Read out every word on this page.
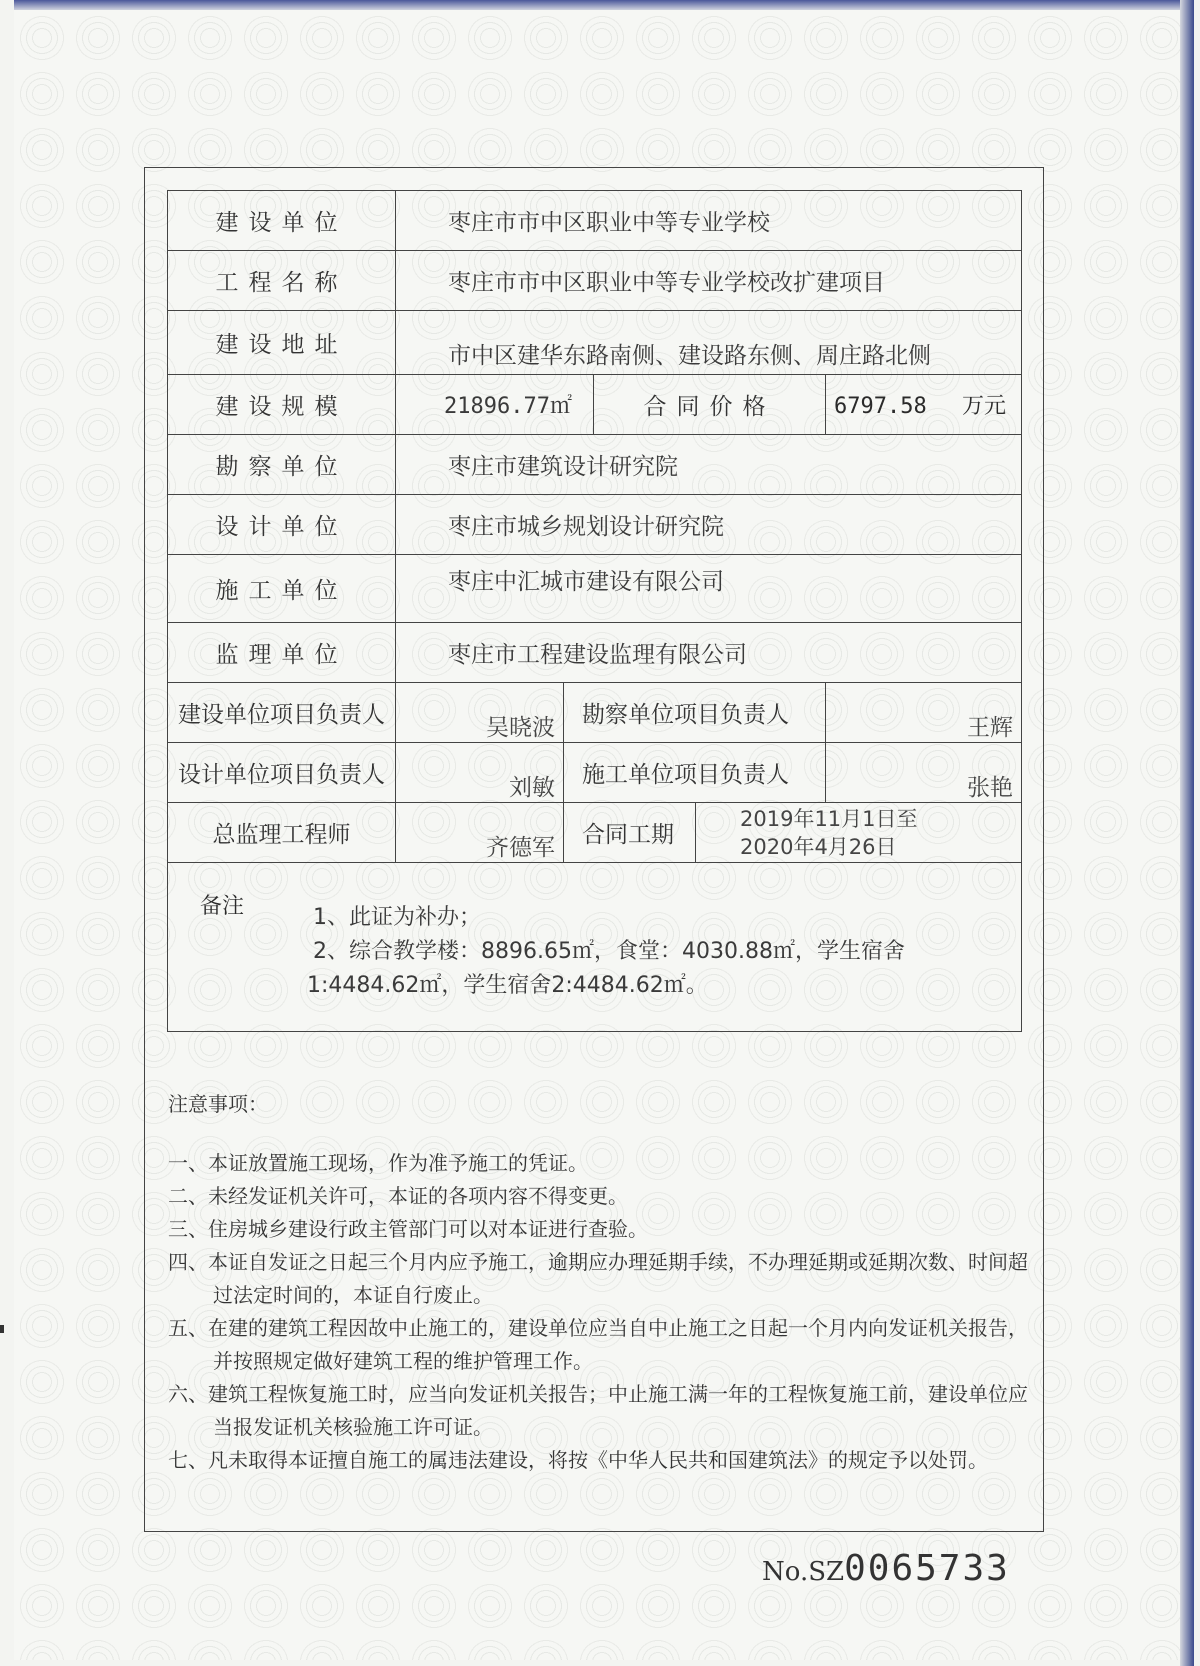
建设单位	枣庄市市中区职业中等专业学校				
工程名称	枣庄市市中区职业中等专业学校改扩建项目				
建设地址	市中区建华东路南侧、建设路东侧、周庄路北侧				
建设规模	21896.77㎡		合同价格		6797.58 万元
勘察单位	枣庄市建筑设计研究院				
设计单位	枣庄市城乡规划设计研究院				
施工单位	枣庄中汇城市建设有限公司				
监理单位	枣庄市工程建设监理有限公司				
建设单位项目负责人	吴晓波	勘察单位项目负责人			王辉
设计单位项目负责人	刘敏	施工单位项目负责人			张艳
总监理工程师	齐德军	合同工期		2019年11月1日至
2020年4月26日	

备注 1、此证为补办；
2、综合教学楼：8896.65㎡，食堂：4030.88㎡，学生宿舍
1:4484.62㎡，学生宿舍2:4484.62㎡。					
注意事项：
一、本证放置施工现场，作为准予施工的凭证。
二、未经发证机关许可，本证的各项内容不得变更。
三、住房城乡建设行政主管部门可以对本证进行查验。
四、本证自发证之日起三个月内应予施工，逾期应办理延期手续，不办理延期或延期次数、时间超过法定时间的，本证自行废止。
五、在建的建筑工程因故中止施工的，建设单位应当自中止施工之日起一个月内向发证机关报告，并按照规定做好建筑工程的维护管理工作。
六、建筑工程恢复施工时，应当向发证机关报告；中止施工满一年的工程恢复施工前，建设单位应当报发证机关核验施工许可证。
七、凡未取得本证擅自施工的属违法建设，将按《中华人民共和国建筑法》的规定予以处罚。
No.SZ0065733
